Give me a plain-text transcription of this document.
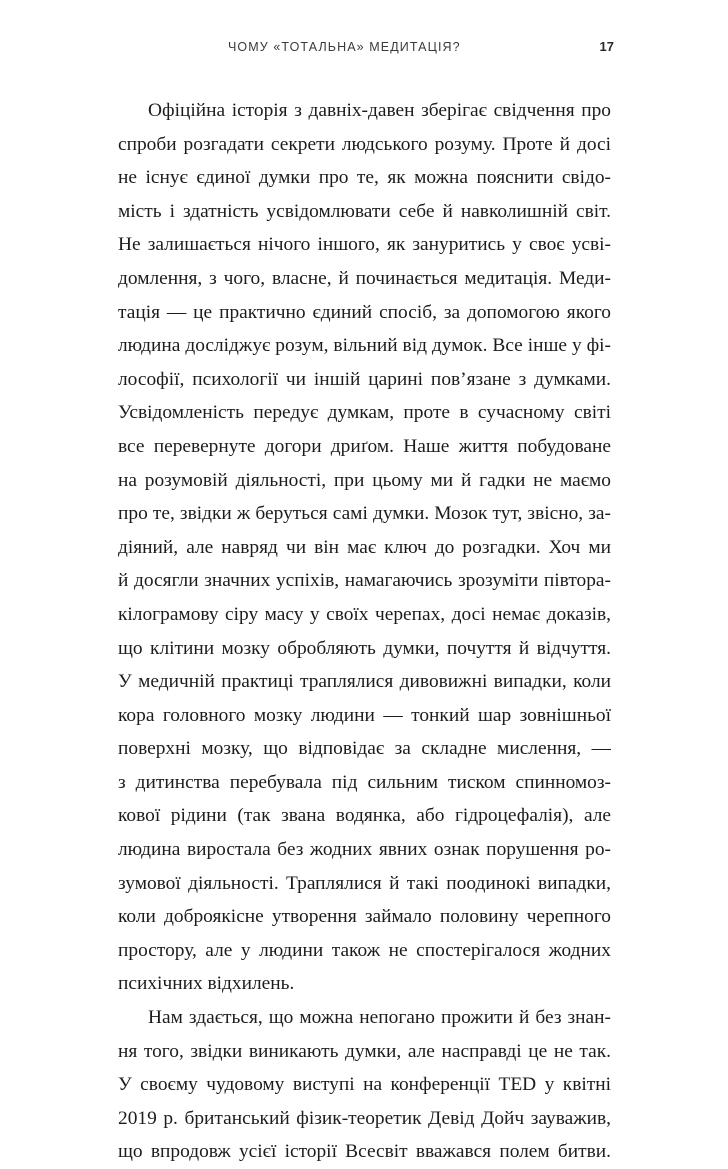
ЧОМУ «ТОТАЛЬНА» МЕДИТАЦІЯ?	17
Офіційна історія з давніх-давен зберігає свідчення про
спроби розгадати секрети людського розуму. Проте й досі
не існує єдиної думки про те, як можна пояснити свідо-
мість і здатність усвідомлювати себе й навколишній світ.
Не залишається нічого іншого, як зануритись у своє усві-
домлення, з чого, власне, й починається медитація. Меди-
тація — це практично єдиний спосіб, за допомогою якого
людина досліджує розум, вільний від думок. Все інше у фі-
лософії, психології чи іншій царині пов’язане з думками.
Усвідомленість передує думкам, проте в сучасному світі
все перевернуте догори дриґом. Наше життя побудоване
на розумовій діяльності, при цьому ми й гадки не маємо
про те, звідки ж беруться самі думки. Мозок тут, звісно, за-
діяний, але навряд чи він має ключ до розгадки. Хоч ми
й досягли значних успіхів, намагаючись зрозуміти півтора-
кілограмову сіру масу у своїх черепах, досі немає доказів,
що клітини мозку обробляють думки, почуття й відчуття.
У медичній практиці траплялися дивовижні випадки, коли
кора головного мозку людини — тонкий шар зовнішньої
поверхні мозку, що відповідає за складне мислення, —
з дитинства перебувала під сильним тиском спинномоз-
кової рідини (так звана водянка, або гідроцефалія), але
людина виростала без жодних явних ознак порушення ро-
зумової діяльності. Траплялися й такі поодинокі випадки,
коли доброякісне утворення займало половину черепного
простору, але у людини також не спостерігалося жодних
психічних відхилень.
Нам здається, що можна непогано прожити й без знан-
ня того, звідки виникають думки, але насправді це не так.
У своєму чудовому виступі на конференції TED у квітні
2019 р. британський фізик-теоретик Девід Дойч зауважив,
що впродовж усієї історії Всесвіт вважався полем битви.
